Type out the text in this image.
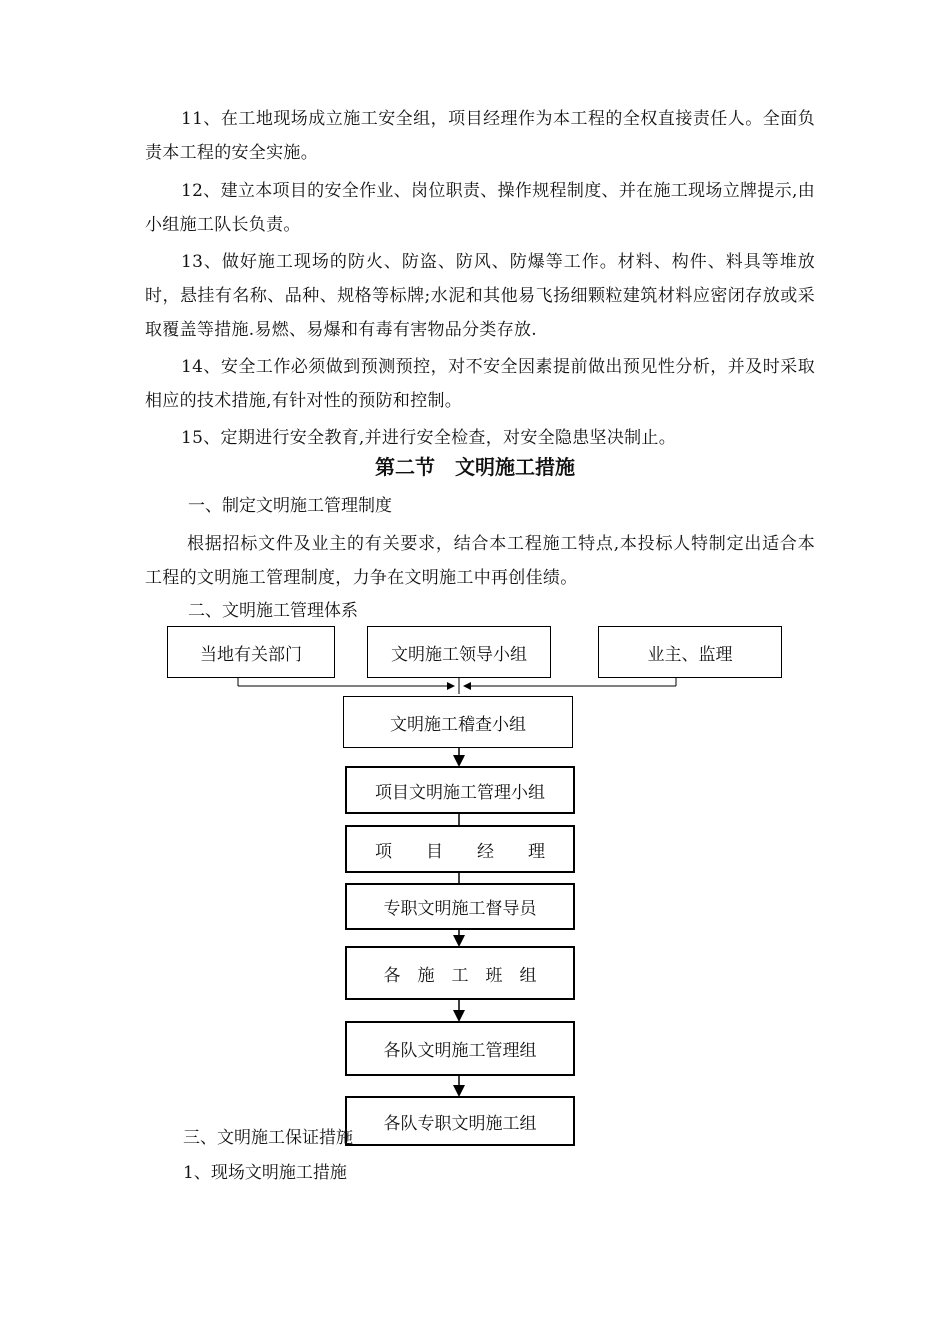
11、在工地现场成立施工安全组，项目经理作为本工程的全权直接责任人。全面负责本工程的安全实施。

12、建立本项目的安全作业、岗位职责、操作规程制度、并在施工现场立牌提示,由小组施工队长负责。

13、做好施工现场的防火、防盗、防风、防爆等工作。材料、构件、料具等堆放时，悬挂有名称、品种、规格等标牌;水泥和其他易飞扬细颗粒建筑材料应密闭存放或采取覆盖等措施.易燃、易爆和有毒有害物品分类存放.

14、安全工作必须做到预测预控，对不安全因素提前做出预见性分析，并及时采取相应的技术措施,有针对性的预防和控制。

15、定期进行安全教育,并进行安全检查，对安全隐患坚决制止。

第二节　文明施工措施
一、制定文明施工管理制度

根据招标文件及业主的有关要求，结合本工程施工特点,本投标人特制定出适合本工程的文明施工管理制度，力争在文明施工中再创佳绩。

二、文明施工管理体系
当地有关部门	文明施工领导小组	业主、监理
文明施工稽查小组
项目文明施工管理小组
项　　目　　经　　理
专职文明施工督导员
各　施　工　班　组
各队文明施工管理组
各队专职文明施工组
三、文明施工保证措施
1、现场文明施工措施
